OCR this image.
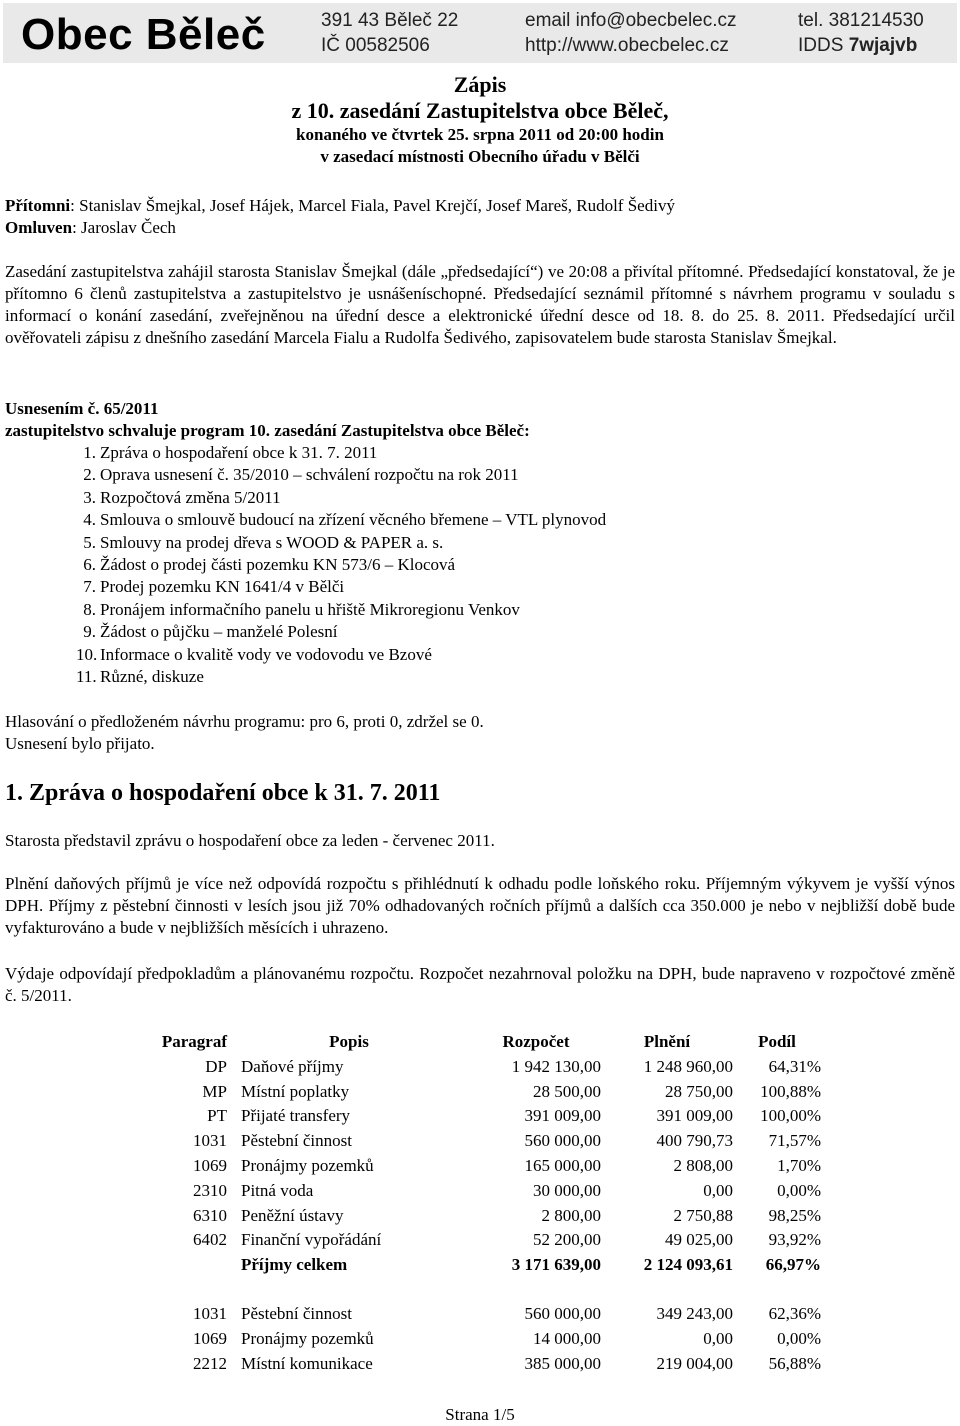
Obec Běleč	391 43 Běleč 22
IČ 00582506
email info@obecbelec.cz
http://www.obecbelec.cz
tel. 381214530
IDDS 7wjajvb
Zápis
z 10. zasedání Zastupitelstva obce Běleč,
konaného ve čtvrtek 25. srpna 2011 od 20:00 hodin
v zasedací místnosti Obecního úřadu v Bělči
Přítomni: Stanislav Šmejkal, Josef Hájek, Marcel Fiala, Pavel Krejčí, Josef Mareš, Rudolf Šedivý
Omluven: Jaroslav Čech
Zasedání zastupitelstva zahájil starosta Stanislav Šmejkal (dále „předsedající“) ve 20:08 a přivítal přítomné. Předsedající konstatoval, že je přítomno 6 členů zastupitelstva a zastupitelstvo je usnášeníschopné. Předsedající seznámil přítomné s návrhem programu v souladu s informací o konání zasedání, zveřejněnou na úřední desce a elektronické úřední desce od 18. 8. do 25. 8. 2011. Předsedající určil ověřovateli zápisu z dnešního zasedání Marcela Fialu a Rudolfa Šedivého, zapisovatelem bude starosta Stanislav Šmejkal.
Usnesením č. 65/2011
zastupitelstvo schvaluje program 10. zasedání Zastupitelstva obce Běleč:
1. Zpráva o hospodaření obce k 31. 7. 2011
2. Oprava usnesení č. 35/2010 – schválení rozpočtu na rok 2011
3. Rozpočtová změna 5/2011
4. Smlouva o smlouvě budoucí na zřízení věcného břemene – VTL plynovod
5. Smlouvy na prodej dřeva s WOOD & PAPER a. s.
6. Žádost o prodej části pozemku KN 573/6 – Klocová
7. Prodej pozemku KN 1641/4 v Bělči
8. Pronájem informačního panelu u hřiště Mikroregionu Venkov
9. Žádost o půjčku – manželé Polesní
10. Informace o kvalitě vody ve vodovodu ve Bzové
11. Různé, diskuze
Hlasování o předloženém návrhu programu: pro 6, proti 0, zdržel se 0.
Usnesení bylo přijato.
1. Zpráva o hospodaření obce k 31. 7. 2011
Starosta představil zprávu o hospodaření obce za leden - červenec 2011.
Plnění daňových příjmů je více než odpovídá rozpočtu s přihlédnutí k odhadu podle loňského roku. Příjemným výkyvem je vyšší výnos DPH. Příjmy z pěstební činnosti v lesích jsou již 70% odhadovaných ročních příjmů a dalších cca 350.000 je nebo v nejbližší době bude vyfakturováno a bude v nejbližších měsících i uhrazeno.
Výdaje odpovídají předpokladům a plánovanému rozpočtu. Rozpočet nezahrnoval položku na DPH, bude napraveno v rozpočtové změně č. 5/2011.
Paragraf	Popis	Rozpočet	Plnění	Podíl
DP	Daňové příjmy	1 942 130,00	1 248 960,00	64,31%
MP	Místní poplatky	28 500,00	28 750,00	100,88%
PT	Přijaté transfery	391 009,00	391 009,00	100,00%
1031	Pěstební činnost	560 000,00	400 790,73	71,57%
1069	Pronájmy pozemků	165 000,00	2 808,00	1,70%
2310	Pitná voda	30 000,00	0,00	0,00%
6310	Peněžní ústavy	2 800,00	2 750,88	98,25%
6402	Finanční vypořádání	52 200,00	49 025,00	93,92%
	Příjmy celkem	3 171 639,00	2 124 093,61	66,97%

1031	Pěstební činnost	560 000,00	349 243,00	62,36%
1069	Pronájmy pozemků	14 000,00	0,00	0,00%
2212	Místní komunikace	385 000,00	219 004,00	56,88%
Strana 1/5
